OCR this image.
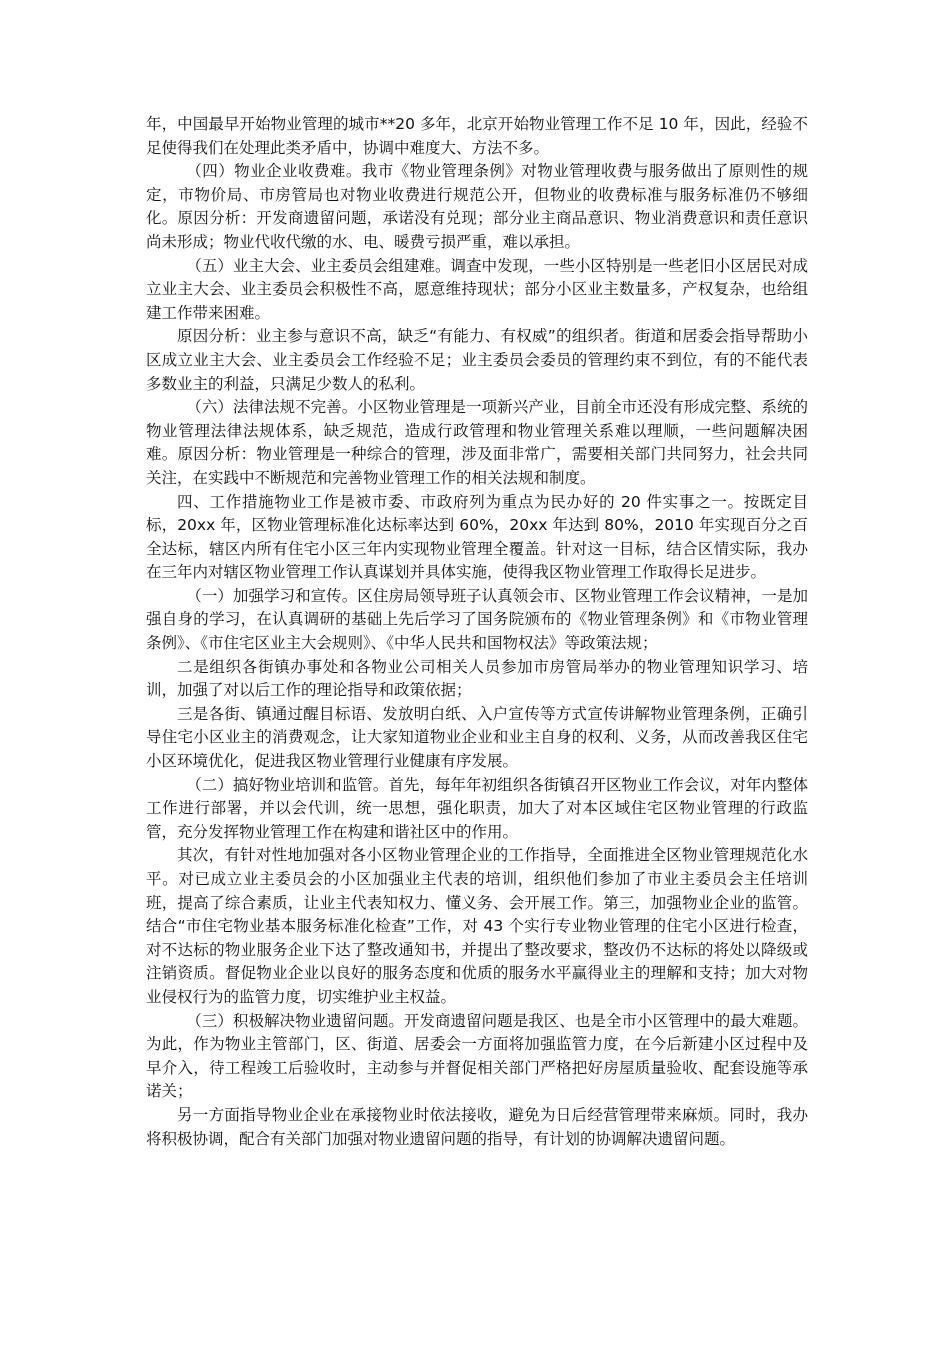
年，中国最早开始物业管理的城市**20 多年，北京开始物业管理工作不足 10 年，因此，经验不足使得我们在处理此类矛盾中，协调中难度大、方法不多。

（四）物业企业收费难。我市《物业管理条例》对物业管理收费与服务做出了原则性的规定，市物价局、市房管局也对物业收费进行规范公开，但物业的收费标准与服务标准仍不够细化。原因分析：开发商遗留问题，承诺没有兑现；部分业主商品意识、物业消费意识和责任意识尚未形成；物业代收代缴的水、电、暖费亏损严重，难以承担。

（五）业主大会、业主委员会组建难。调查中发现，一些小区特别是一些老旧小区居民对成立业主大会、业主委员会积极性不高，愿意维持现状；部分小区业主数量多，产权复杂，也给组建工作带来困难。

原因分析：业主参与意识不高，缺乏“有能力、有权威”的组织者。街道和居委会指导帮助小区成立业主大会、业主委员会工作经验不足；业主委员会委员的管理约束不到位，有的不能代表多数业主的利益，只满足少数人的私利。

（六）法律法规不完善。小区物业管理是一项新兴产业，目前全市还没有形成完整、系统的物业管理法律法规体系，缺乏规范，造成行政管理和物业管理关系难以理顺，一些问题解决困难。原因分析：物业管理是一种综合的管理，涉及面非常广，需要相关部门共同努力，社会共同关注，在实践中不断规范和完善物业管理工作的相关法规和制度。

四、工作措施物业工作是被市委、市政府列为重点为民办好的 20 件实事之一。按既定目标，20xx 年，区物业管理标准化达标率达到 60%，20xx 年达到 80%，2010 年实现百分之百全达标，辖区内所有住宅小区三年内实现物业管理全覆盖。针对这一目标，结合区情实际，我办在三年内对辖区物业管理工作认真谋划并具体实施，使得我区物业管理工作取得长足进步。

（一）加强学习和宣传。区住房局领导班子认真领会市、区物业管理工作会议精神，一是加强自身的学习，在认真调研的基础上先后学习了国务院颁布的《物业管理条例》和《市物业管理条例》、《市住宅区业主大会规则》、《中华人民共和国物权法》等政策法规；

二是组织各街镇办事处和各物业公司相关人员参加市房管局举办的物业管理知识学习、培训，加强了对以后工作的理论指导和政策依据；

三是各街、镇通过醒目标语、发放明白纸、入户宣传等方式宣传讲解物业管理条例，正确引导住宅小区业主的消费观念，让大家知道物业企业和业主自身的权利、义务，从而改善我区住宅小区环境优化，促进我区物业管理行业健康有序发展。

（二）搞好物业培训和监管。首先，每年年初组织各街镇召开区物业工作会议，对年内整体工作进行部署，并以会代训，统一思想，强化职责，加大了对本区域住宅区物业管理的行政监管，充分发挥物业管理工作在构建和谐社区中的作用。

其次，有针对性地加强对各小区物业管理企业的工作指导，全面推进全区物业管理规范化水平。对已成立业主委员会的小区加强业主代表的培训，组织他们参加了市业主委员会主任培训班，提高了综合素质，让业主代表知权力、懂义务、会开展工作。第三，加强物业企业的监管。结合“市住宅物业基本服务标准化检查”工作，对 43 个实行专业物业管理的住宅小区进行检查，对不达标的物业服务企业下达了整改通知书，并提出了整改要求，整改仍不达标的将处以降级或注销资质。督促物业企业以良好的服务态度和优质的服务水平赢得业主的理解和支持；加大对物业侵权行为的监管力度，切实维护业主权益。

（三）积极解决物业遗留问题。开发商遗留问题是我区、也是全市小区管理中的最大难题。为此，作为物业主管部门，区、街道、居委会一方面将加强监管力度，在今后新建小区过程中及早介入，待工程竣工后验收时，主动参与并督促相关部门严格把好房屋质量验收、配套设施等承诺关；

另一方面指导物业企业在承接物业时依法接收，避免为日后经营管理带来麻烦。同时，我办将积极协调，配合有关部门加强对物业遗留问题的指导，有计划的协调解决遗留问题。
